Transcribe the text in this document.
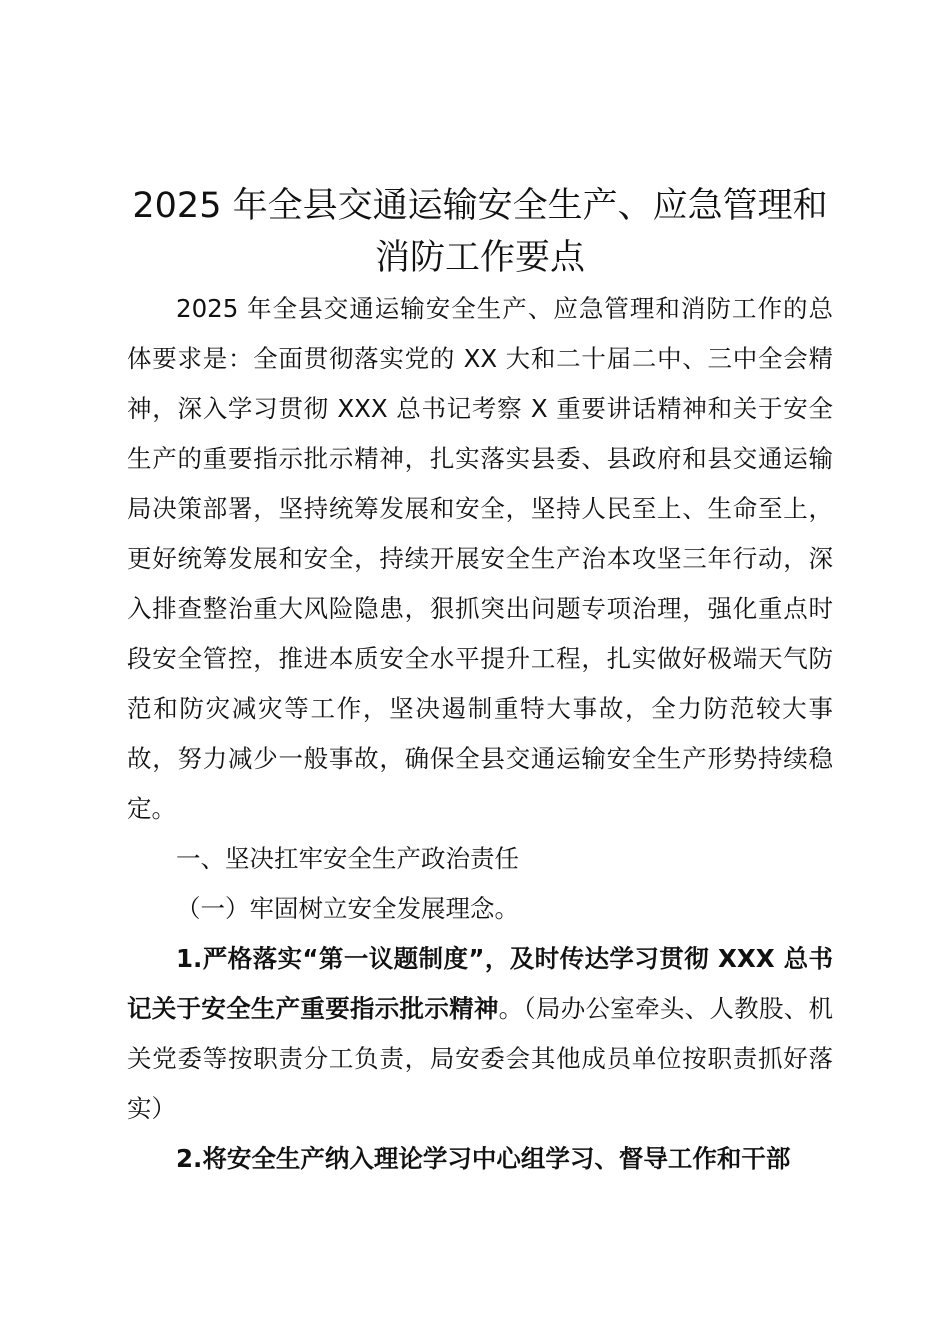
2025 年全县交通运输安全生产、应急管理和
消防工作要点

2025 年全县交通运输安全生产、应急管理和消防工作的总体要求是：全面贯彻落实党的 XX 大和二十届二中、三中全会精神，深入学习贯彻 XXX 总书记考察 X 重要讲话精神和关于安全生产的重要指示批示精神，扎实落实县委、县政府和县交通运输局决策部署，坚持统筹发展和安全，坚持人民至上、生命至上，更好统筹发展和安全，持续开展安全生产治本攻坚三年行动，深入排查整治重大风险隐患，狠抓突出问题专项治理，强化重点时段安全管控，推进本质安全水平提升工程，扎实做好极端天气防范和防灾减灾等工作，坚决遏制重特大事故，全力防范较大事故，努力减少一般事故，确保全县交通运输安全生产形势持续稳定。

一、坚决扛牢安全生产政治责任

（一）牢固树立安全发展理念。

1.严格落实“第一议题制度”，及时传达学习贯彻 XXX 总书记关于安全生产重要指示批示精神。（局办公室牵头、人教股、机关党委等按职责分工负责，局安委会其他成员单位按职责抓好落实）

2.将安全生产纳入理论学习中心组学习、督导工作和干部
